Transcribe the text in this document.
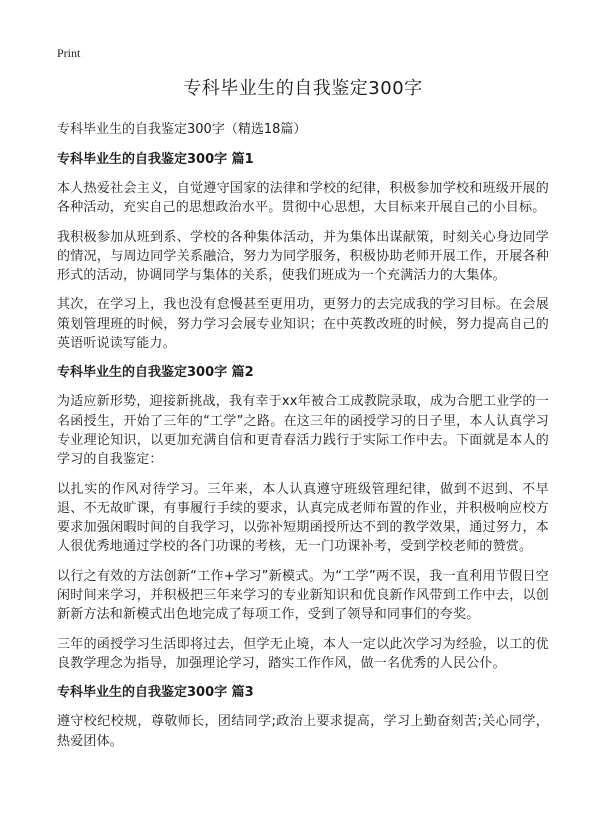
Print
专科毕业生的自我鉴定300字

专科毕业生的自我鉴定300字（精选18篇）

专科毕业生的自我鉴定300字 篇1

本人热爱社会主义，自觉遵守国家的法律和学校的纪律，积极参加学校和班级开展的各种活动，充实自己的思想政治水平。贯彻中心思想，大目标来开展自己的小目标。

我积极参加从班到系、学校的各种集体活动，并为集体出谋献策，时刻关心身边同学的情况，与周边同学关系融洽，努力为同学服务，积极协助老师开展工作，开展各种形式的活动，协调同学与集体的关系，使我们班成为一个充满活力的大集体。

其次，在学习上，我也没有怠慢甚至更用功，更努力的去完成我的学习目标。在会展策划管理班的时候，努力学习会展专业知识；在中英教改班的时候，努力提高自己的英语听说读写能力。

专科毕业生的自我鉴定300字 篇2

为适应新形势，迎接新挑战，我有幸于xx年被合工成教院录取，成为合肥工业学的一名函授生，开始了三年的“工学”之路。在这三年的函授学习的日子里，本人认真学习专业理论知识，以更加充满自信和更青春活力践行于实际工作中去。下面就是本人的学习的自我鉴定：

以扎实的作风对待学习。三年来，本人认真遵守班级管理纪律，做到不迟到、不早退、不无故旷课，有事履行手续的要求，认真完成老师布置的作业，并积极响应校方要求加强闲暇时间的自我学习，以弥补短期函授所达不到的教学效果，通过努力，本人很优秀地通过学校的各门功课的考核，无一门功课补考，受到学校老师的赞赏。

以行之有效的方法创新“工作+学习”新模式。为“工学”两不误，我一直利用节假日空闲时间来学习，并积极把三年来学习的专业新知识和优良新作风带到工作中去，以创新新方法和新模式出色地完成了每项工作，受到了领导和同事们的夸奖。

三年的函授学习生活即将过去，但学无止境，本人一定以此次学习为经验，以工的优良教学理念为指导，加强理论学习，踏实工作作风，做一名优秀的人民公仆。

专科毕业生的自我鉴定300字 篇3

遵守校纪校规，尊敬师长，团结同学;政治上要求提高，学习上勤奋刻苦;关心同学，热爱团体。
